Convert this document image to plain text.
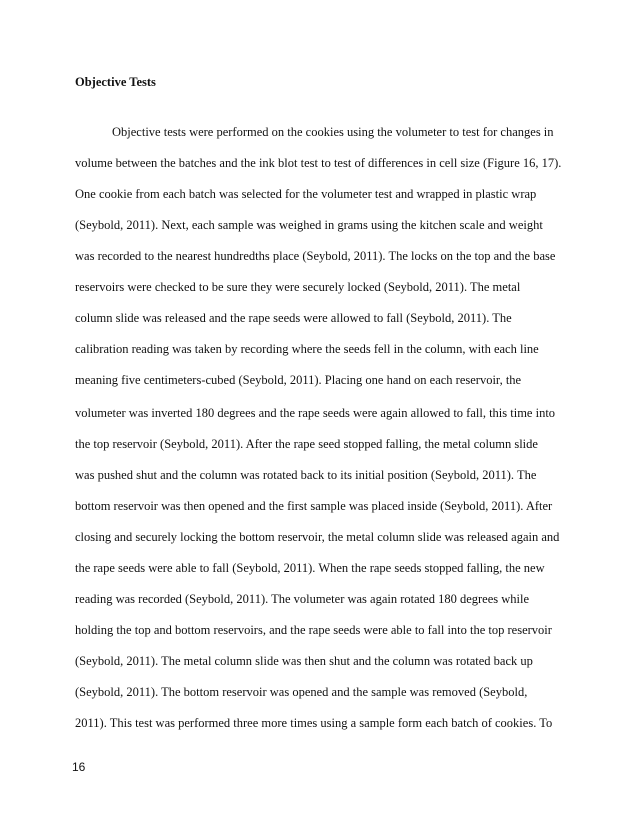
Objective Tests
Objective tests were performed on the cookies using the volumeter to test for changes in
volume between the batches and the ink blot test to test of differences in cell size (Figure 16, 17).
One cookie from each batch was selected for the volumeter test and wrapped in plastic wrap
(Seybold, 2011). Next, each sample was weighed in grams using the kitchen scale and weight
was recorded to the nearest hundredths place (Seybold, 2011). The locks on the top and the base
reservoirs were checked to be sure they were securely locked (Seybold, 2011). The metal
column slide was released and the rape seeds were allowed to fall (Seybold, 2011). The
calibration reading was taken by recording where the seeds fell in the column, with each line
meaning five centimeters-cubed (Seybold, 2011). Placing one hand on each reservoir, the
volumeter was inverted 180 degrees and the rape seeds were again allowed to fall, this time into
the top reservoir (Seybold, 2011). After the rape seed stopped falling, the metal column slide
was pushed shut and the column was rotated back to its initial position (Seybold, 2011). The
bottom reservoir was then opened and the first sample was placed inside (Seybold, 2011). After
closing and securely locking the bottom reservoir, the metal column slide was released again and
the rape seeds were able to fall (Seybold, 2011). When the rape seeds stopped falling, the new
reading was recorded (Seybold, 2011). The volumeter was again rotated 180 degrees while
holding the top and bottom reservoirs, and the rape seeds were able to fall into the top reservoir
(Seybold, 2011). The metal column slide was then shut and the column was rotated back up
(Seybold, 2011). The bottom reservoir was opened and the sample was removed (Seybold,
2011). This test was performed three more times using a sample form each batch of cookies. To
16
